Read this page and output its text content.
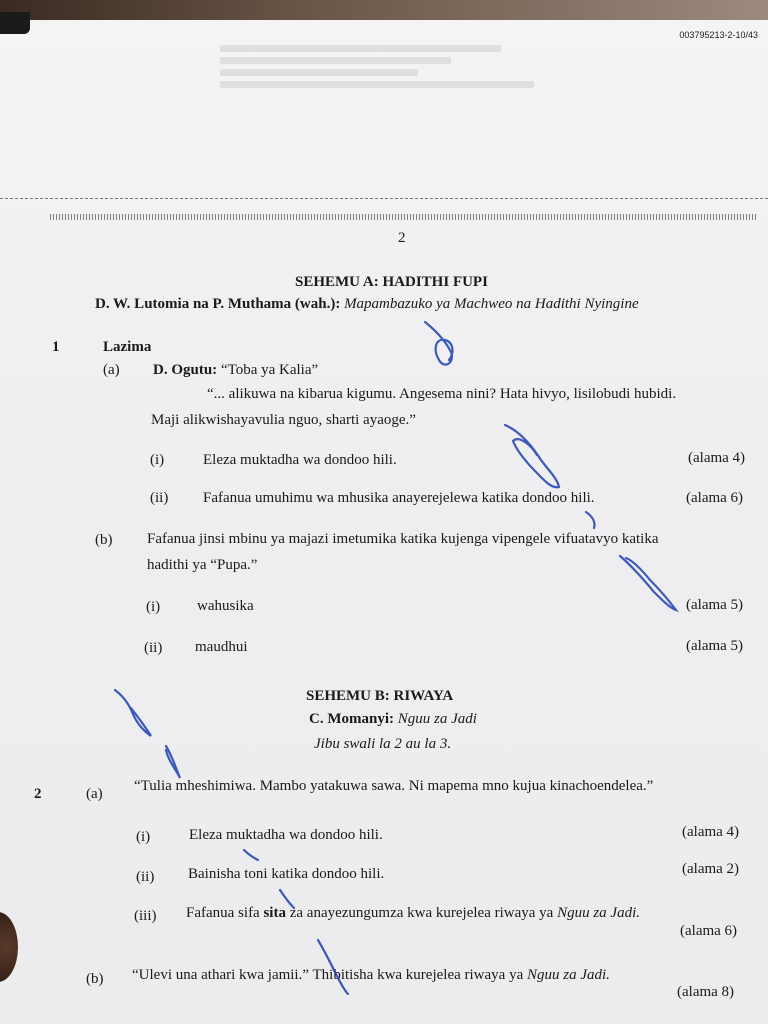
003795213-2-10/43
2
SEHEMU A: HADITHI FUPI
D. W. Lutomia na P. Muthama (wah.): Mapambazuko ya Machweo na Hadithi Nyingine
1	Lazima
(a) D. Ogutu: “Toba ya Kalia”
“... alikuwa na kibarua kigumu. Angesema nini? Hata hivyo, lisilobudi hubidi.
Maji alikwishayavulia nguo, sharti ayaoge.”
(i)	Eleza muktadha wa dondoo hili.	(alama 4)
(ii) Fafanua umuhimu wa mhusika anayerejelewa katika dondoo hili.	(alama 6)
(b) Fafanua jinsi mbinu ya majazi imetumika katika kujenga vipengele vifuatavyo katika
hadithi ya “Pupa.”
(i) wahusika	(alama 5)
(ii) maudhui	(alama 5)
SEHEMU B: RIWAYA
C. Momanyi: Nguu za Jadi
Jibu swali la 2 au la 3.
2	(a) “Tulia mheshimiwa. Mambo yatakuwa sawa. Ni mapema mno kujua kinachoendelea.”
(i)	Eleza muktadha wa dondoo hili.	(alama 4)
(ii) Bainisha toni katika dondoo hili.	(alama 2)
(iii) Fafanua sifa sita za anayezungumza kwa kurejelea riwaya ya Nguu za Jadi.
(alama 6)
(b) “Ulevi una athari kwa jamii.” Thibitisha kwa kurejelea riwaya ya Nguu za Jadi.
(alama 8)
